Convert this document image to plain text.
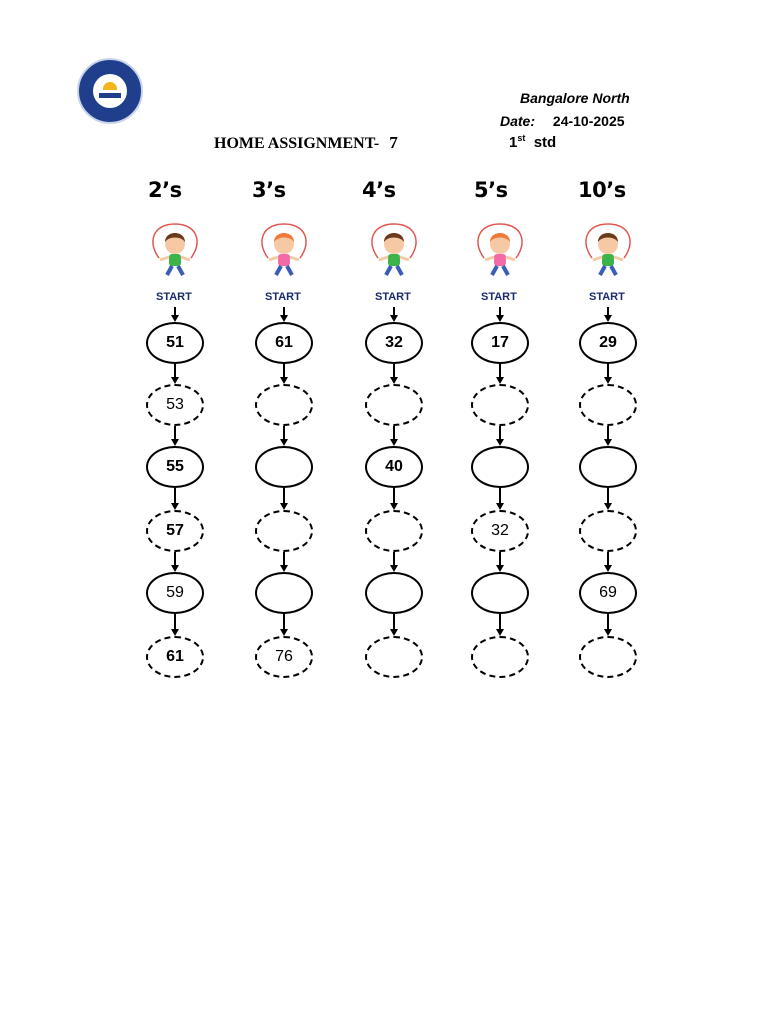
Bangalore North
Date: 24-10-2025
HOME ASSIGNMENT- 7	1st std
2’s
START
51
53
55
57
59
61
3’s
START
61
76
4’s
START
32
40
5’s
START
17
32
10’s
START
29
69
